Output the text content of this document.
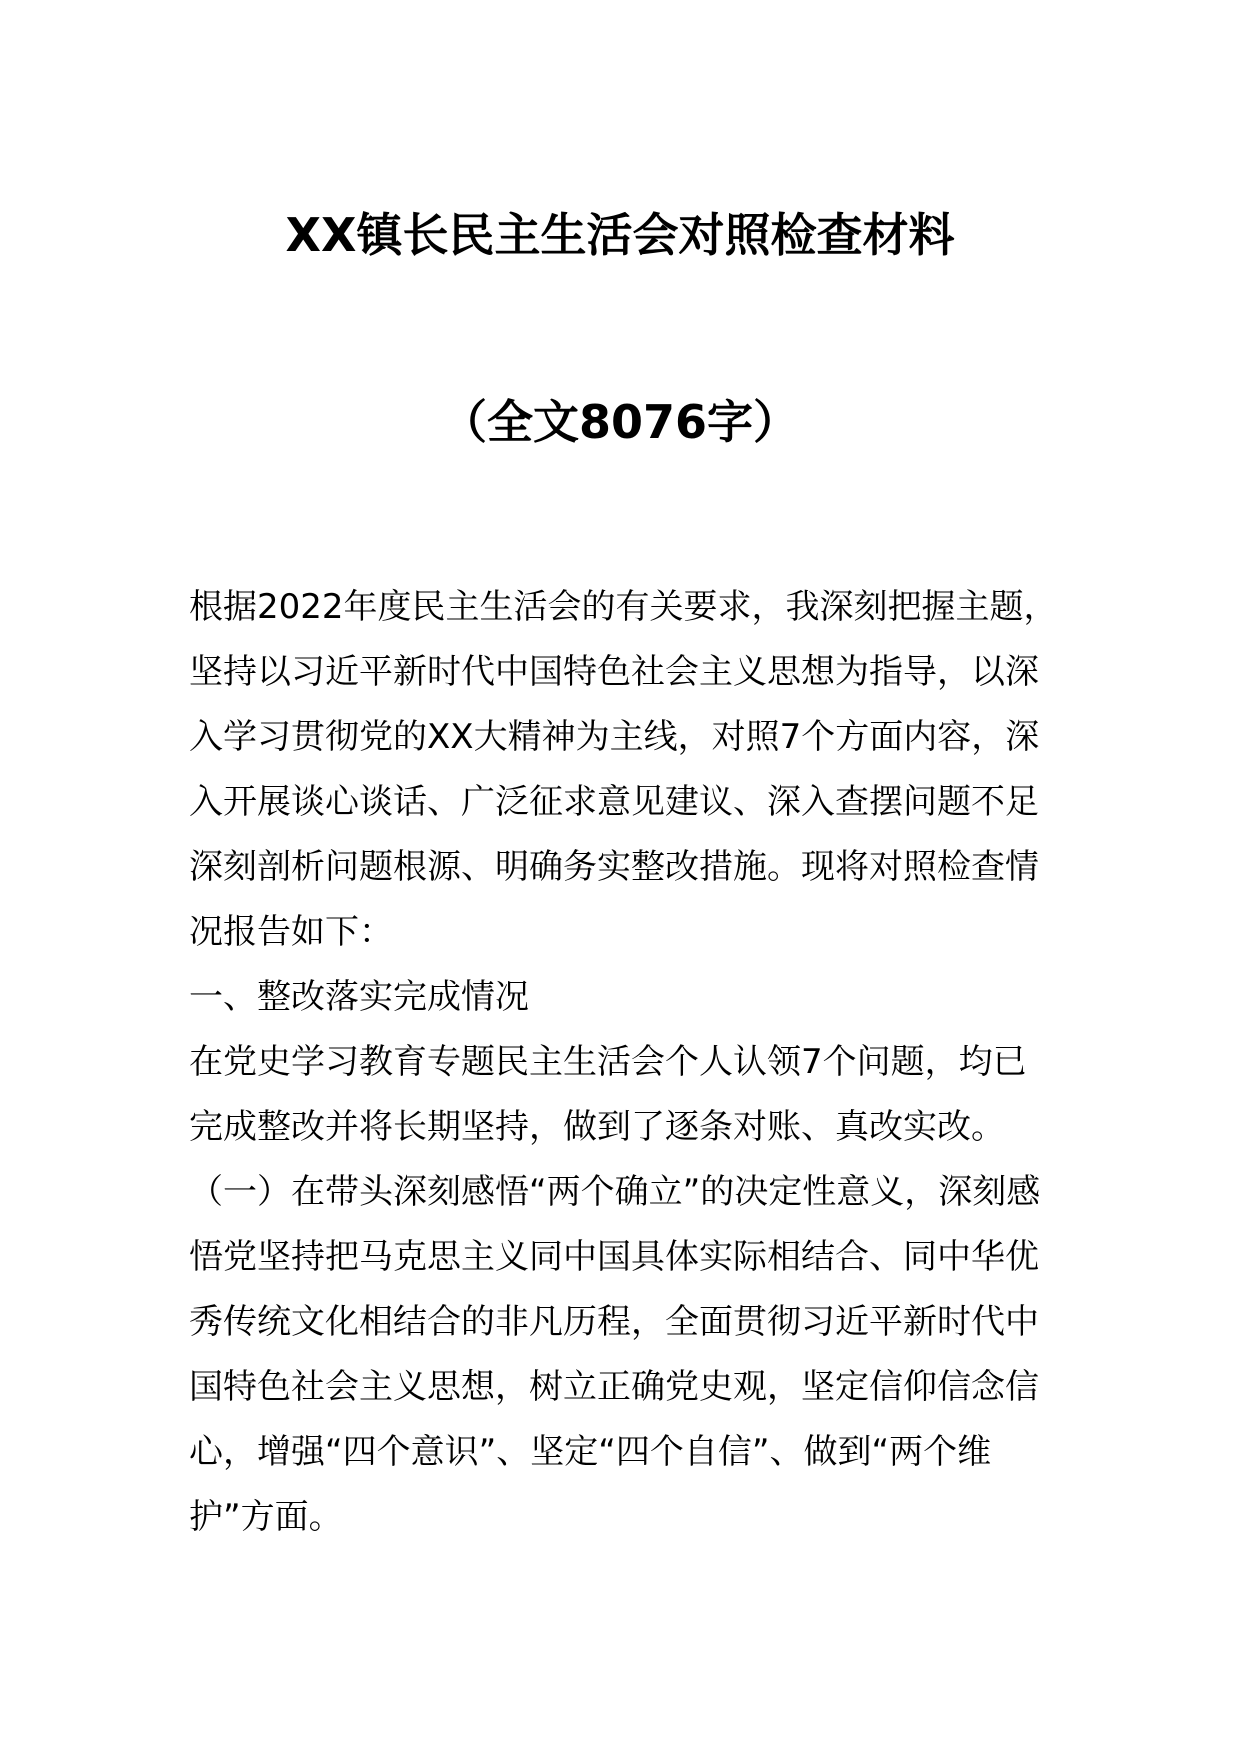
XX镇长民主生活会对照检查材料
（全文8076字）

根据2022年度民主生活会的有关要求，我深刻把握主题，坚持以习近平新时代中国特色社会主义思想为指导，以深入学习贯彻党的XX大精神为主线，对照7个方面内容，深入开展谈心谈话、广泛征求意见建议、深入查摆问题不足深刻剖析问题根源、明确务实整改措施。现将对照检查情况报告如下：

一、整改落实完成情况

在党史学习教育专题民主生活会个人认领7个问题，均已完成整改并将长期坚持，做到了逐条对账、真改实改。

（一）在带头深刻感悟“两个确立”的决定性意义，深刻感悟党坚持把马克思主义同中国具体实际相结合、同中华优秀传统文化相结合的非凡历程，全面贯彻习近平新时代中国特色社会主义思想，树立正确党史观，坚定信仰信念信心，增强“四个意识”、坚定“四个自信”、做到“两个维护”方面。
